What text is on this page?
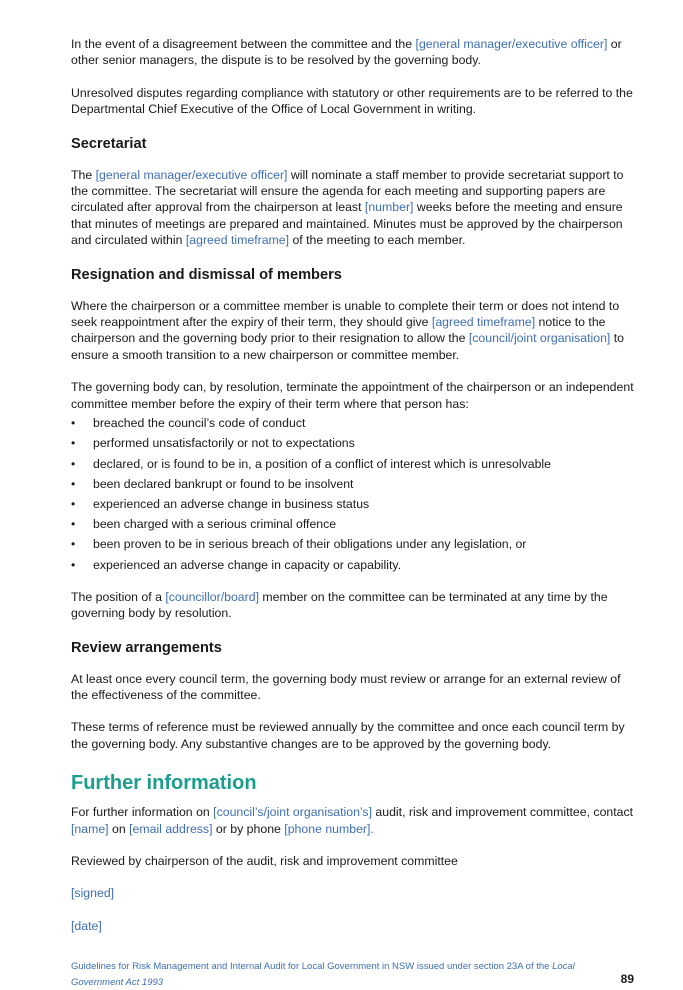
In the event of a disagreement between the committee and the [general manager/executive officer] or other senior managers, the dispute is to be resolved by the governing body.

Unresolved disputes regarding compliance with statutory or other requirements are to be referred to the Departmental Chief Executive of the Office of Local Government in writing.

Secretariat

The [general manager/executive officer] will nominate a staff member to provide secretariat support to the committee. The secretariat will ensure the agenda for each meeting and supporting papers are circulated after approval from the chairperson at least [number] weeks before the meeting and ensure that minutes of meetings are prepared and maintained. Minutes must be approved by the chairperson and circulated within [agreed timeframe] of the meeting to each member.

Resignation and dismissal of members

Where the chairperson or a committee member is unable to complete their term or does not intend to seek reappointment after the expiry of their term, they should give [agreed timeframe] notice to the chairperson and the governing body prior to their resignation to allow the [council/joint organisation] to ensure a smooth transition to a new chairperson or committee member.

The governing body can, by resolution, terminate the appointment of the chairperson or an independent committee member before the expiry of their term where that person has:

• breached the council’s code of conduct
• performed unsatisfactorily or not to expectations
• declared, or is found to be in, a position of a conflict of interest which is unresolvable
• been declared bankrupt or found to be insolvent
• experienced an adverse change in business status
• been charged with a serious criminal offence
• been proven to be in serious breach of their obligations under any legislation, or
• experienced an adverse change in capacity or capability.

The position of a [councillor/board] member on the committee can be terminated at any time by the governing body by resolution.

Review arrangements

At least once every council term, the governing body must review or arrange for an external review of the effectiveness of the committee.

These terms of reference must be reviewed annually by the committee and once each council term by the governing body. Any substantive changes are to be approved by the governing body.

Further information

For further information on [council’s/joint organisation’s] audit, risk and improvement committee, contact [name] on [email address] or by phone [phone number].

Reviewed by chairperson of the audit, risk and improvement committee

[signed]

[date]

Guidelines for Risk Management and Internal Audit for Local Government in NSW issued under section 23A of the Local Government Act 1993	89
